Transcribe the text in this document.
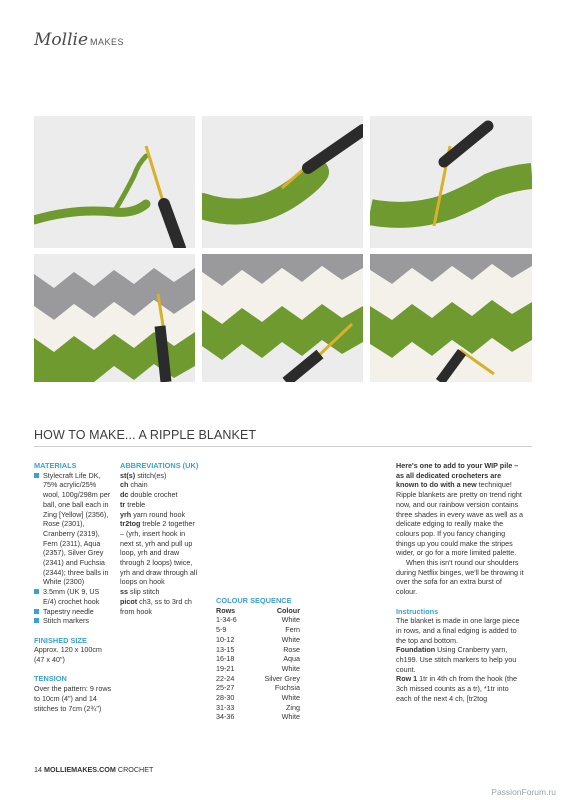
Mollie MAKES
HOW TO MAKE... A RIPPLE BLANKET
MATERIALS
Stylecraft Life DK, 75% acrylic/25% wool, 100g/298m per ball, one ball each in Zing [Yellow] (2356), Rose (2301), Cranberry (2319), Fern (2311), Aqua (2357), Silver Grey (2341) and Fuchsia (2344); three balls in White (2300)
3.5mm (UK 9, US E/4) crochet hook
Tapestry needle
Stitch markers
FINISHED SIZE
Approx. 120 x 100cm (47 x 40")
TENSION
Over the pattern: 9 rows to 10cm (4") and 14 stitches to 7cm (2¾")
ABBREVIATIONS (UK)
st(s) stitch(es)
ch chain
dc double crochet
tr treble
yrh yarn round hook
tr2tog treble 2 together – (yrh, insert hook in next st, yrh and pull up loop, yrh and draw through 2 loops) twice, yrh and draw through all loops on hook
ss slip stitch
picot ch3, ss to 3rd ch from hook
COLOUR SEQUENCE
Rows	Colour
1-34-6	White
5-9	Fern
10-12	White
13-15	Rose
16-18	Aqua
19-21	White
22-24	Silver Grey
25-27	Fuchsia
28-30	White
31-33	Zing
34-36	White

Here's one to add to your WIP pile – as all dedicated crocheters are known to do with a new technique! Ripple blankets are pretty on trend right now, and our rainbow version contains three shades in every wave as well as a delicate edging to really make the colours pop. If you fancy changing things up you could make the stripes wider, or go for a more limited palette.

When this isn't round our shoulders during Netflix binges, we'll be throwing it over the sofa for an extra burst of colour.

Instructions

The blanket is made in one large piece in rows, and a final edging is added to the top and bottom.

Foundation Using Cranberry yarn, ch199. Use stitch markers to help you count.

Row 1 1tr in 4th ch from the hook (the 3ch missed counts as a tr), *1tr into each of the next 4 ch, [tr2tog

14 MOLLIEMAKES.COM CROCHET
PassionForum.ru
